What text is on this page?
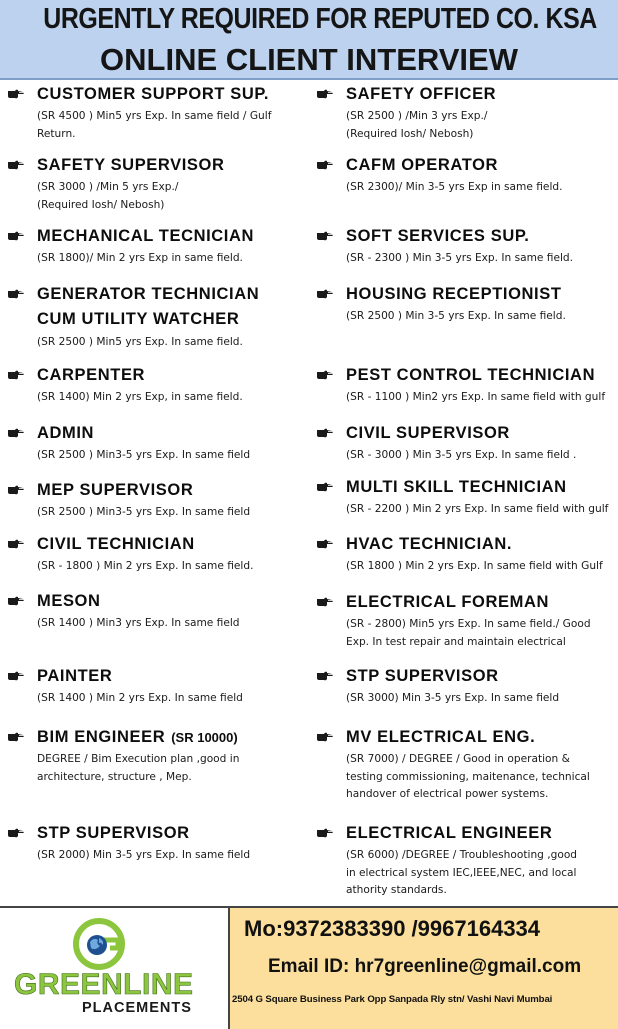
URGENTLY REQUIRED FOR REPUTED CO. KSA
ONLINE CLIENT INTERVIEW
CUSTOMER SUPPORT SUP.
(SR 4500 ) Min5 yrs Exp. In same field / Gulf
Return.
SAFETY SUPERVISOR
(SR 3000 ) /Min 5 yrs Exp./
(Required Iosh/ Nebosh)
MECHANICAL TECNICIAN
(SR 1800)/ Min 2 yrs Exp in same field.
GENERATOR TECHNICIAN
CUM UTILITY WATCHER
(SR 2500 ) Min5 yrs Exp. In same field.
CARPENTER
(SR 1400) Min 2 yrs Exp, in same field.
ADMIN
(SR 2500 ) Min3-5 yrs Exp. In same field
MEP SUPERVISOR
(SR 2500 ) Min3-5 yrs Exp. In same field
CIVIL TECHNICIAN
(SR - 1800 ) Min 2 yrs Exp. In same field.
MESON
(SR 1400 ) Min3 yrs Exp. In same field
PAINTER
(SR 1400 ) Min 2 yrs Exp. In same field
BIM ENGINEER (SR 10000)
DEGREE / Bim Execution plan ,good in
architecture, structure , Mep.
STP SUPERVISOR
(SR 2000) Min 3-5 yrs Exp. In same field
SAFETY OFFICER
(SR 2500 ) /Min 3 yrs Exp./
(Required Iosh/ Nebosh)
CAFM OPERATOR
(SR 2300)/ Min 3-5 yrs Exp in same field.
SOFT SERVICES SUP.
(SR - 2300 ) Min 3-5 yrs Exp. In same field.
HOUSING RECEPTIONIST
(SR 2500 ) Min 3-5 yrs Exp. In same field.
PEST CONTROL TECHNICIAN
(SR - 1100 ) Min2 yrs Exp. In same field with gulf
CIVIL SUPERVISOR
(SR - 3000 ) Min 3-5 yrs Exp. In same field .
MULTI SKILL TECHNICIAN
(SR - 2200 ) Min 2 yrs Exp. In same field with gulf
HVAC TECHNICIAN.
(SR 1800 ) Min 2 yrs Exp. In same field with Gulf
ELECTRICAL FOREMAN
(SR - 2800) Min5 yrs Exp. In same field./ Good
Exp. In test repair and maintain electrical
STP SUPERVISOR
(SR 3000) Min 3-5 yrs Exp. In same field
MV ELECTRICAL ENG.
(SR 7000) / DEGREE / Good in operation &
testing commissioning, maitenance, technical
handover of electrical power systems.
ELECTRICAL ENGINEER
(SR 6000) /DEGREE / Troubleshooting ,good
in electrical system IEC,IEEE,NEC, and local
athority standards.
GREENLINE
PLACEMENTS
Mo:9372383390 /9967164334
Email ID: hr7greenline@gmail.com
2504 G Square Business Park Opp Sanpada Rly stn/ Vashi Navi Mumbai
